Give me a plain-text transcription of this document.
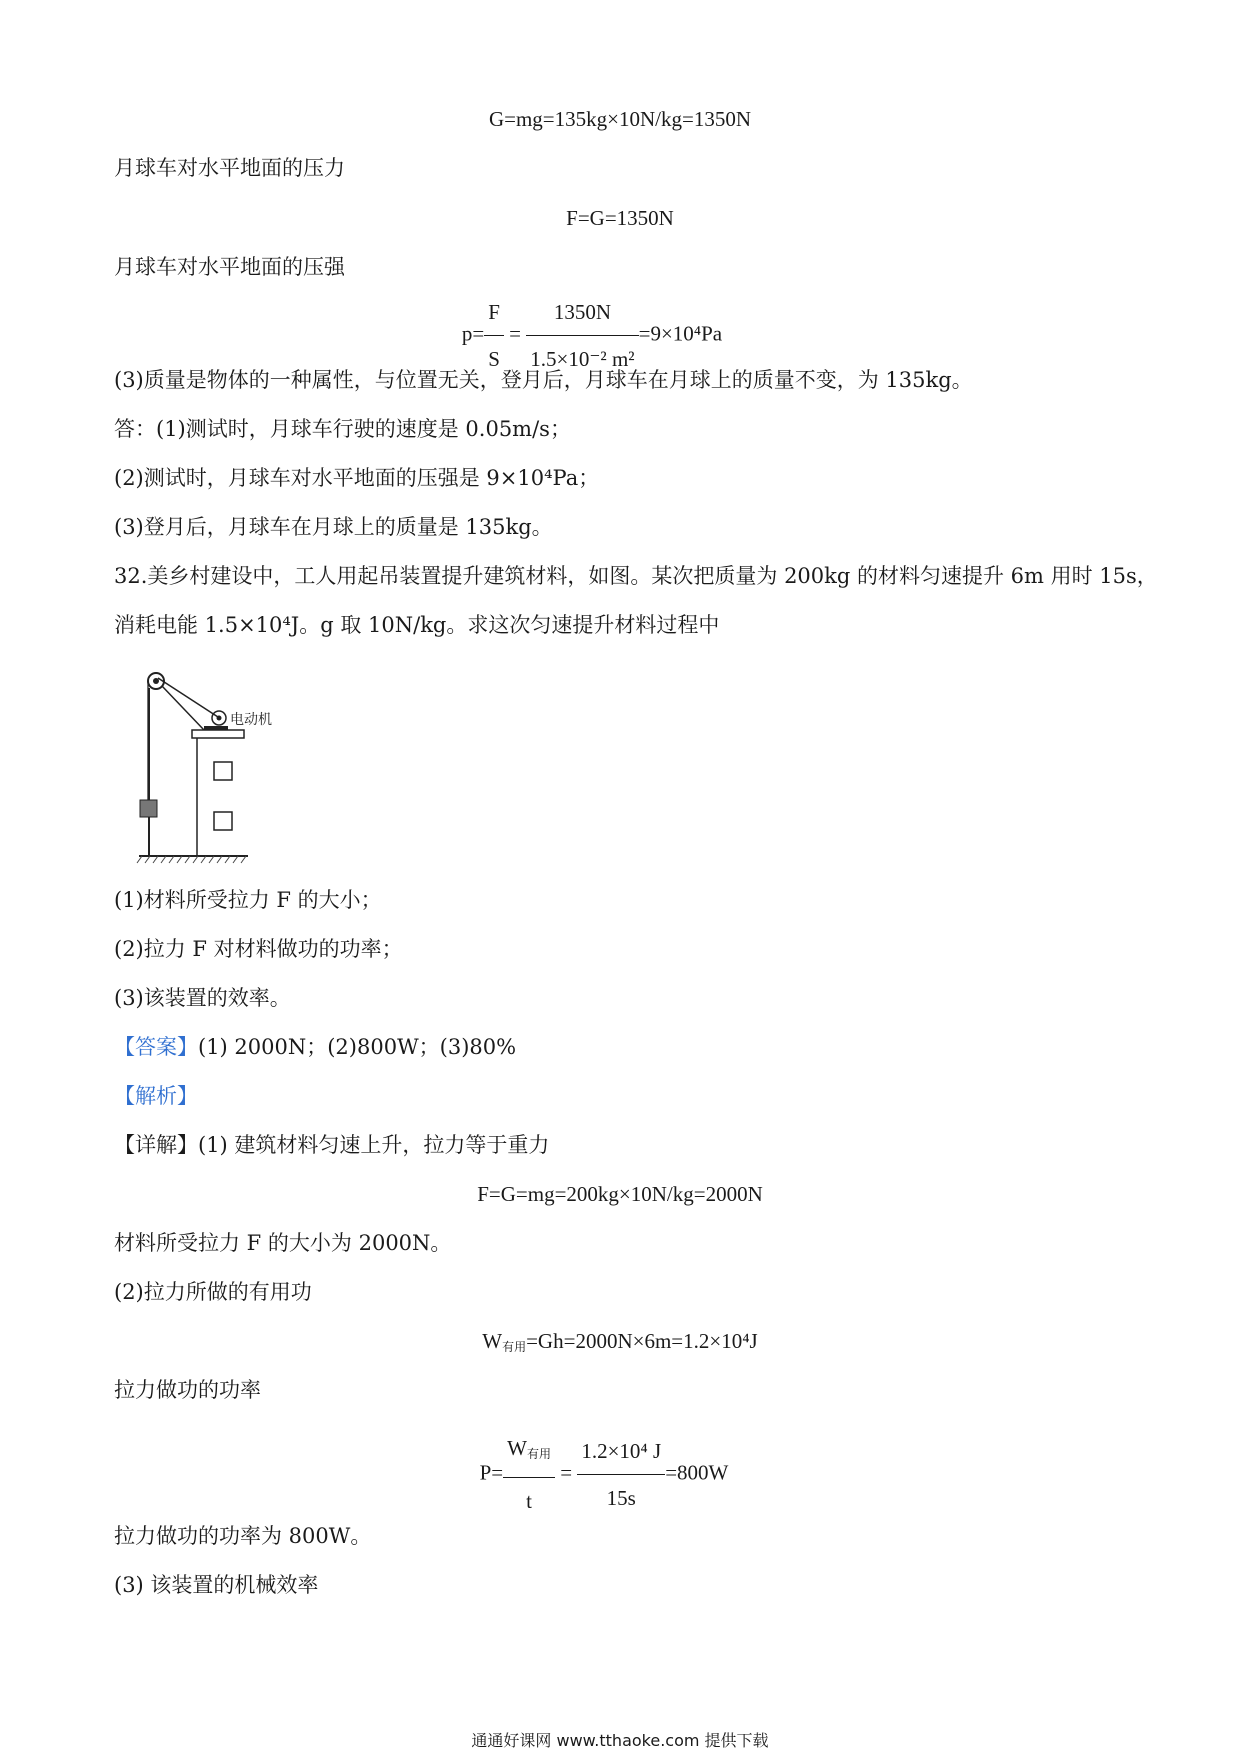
G=mg=135kg×10N/kg=1350N
月球车对水平地面的压力
F=G=1350N
月球车对水平地面的压强
$p= \frac{F}{S} = \frac{1350N}{\text{1.5×10⁻² m²}} =9\times 10^4Pa$
(3)质量是物体的一种属性，与位置无关，登月后，月球车在月球上的质量不变，为 135kg。
答：(1)测试时，月球车行驶的速度是 0.05m/s；
(2)测试时，月球车对水平地面的压强是 9×10⁴Pa；
(3)登月后，月球车在月球上的质量是 135kg。
32.美乡村建设中，工人用起吊装置提升建筑材料，如图。某次把质量为 200kg 的材料匀速提升 6m 用时 15s，
消耗电能 1.5×10⁴J。g 取 10N/kg。求这次匀速提升材料过程中
电动机
(1)材料所受拉力 F 的大小；
(2)拉力 F 对材料做功的功率；
(3)该装置的效率。
【答案】(1) 2000N；(2)800W；(3)80%
【解析】
【详解】(1) 建筑材料匀速上升，拉力等于重力
F=G=mg=200kg×10N/kg=2000N
材料所受拉力 F 的大小为 2000N。
(2)拉力所做的有用功
$W_{有用}=Gh=2000N\times 6m=1.2\times 10^4J$
拉力做功的功率
$P= \frac{W_{有用}}{t} = \frac{\text{1.2×10⁴ J}}{15s} =800W$
拉力做功的功率为 800W。
(3) 该装置的机械效率
通通好课网 www.tthaoke.com 提供下载
